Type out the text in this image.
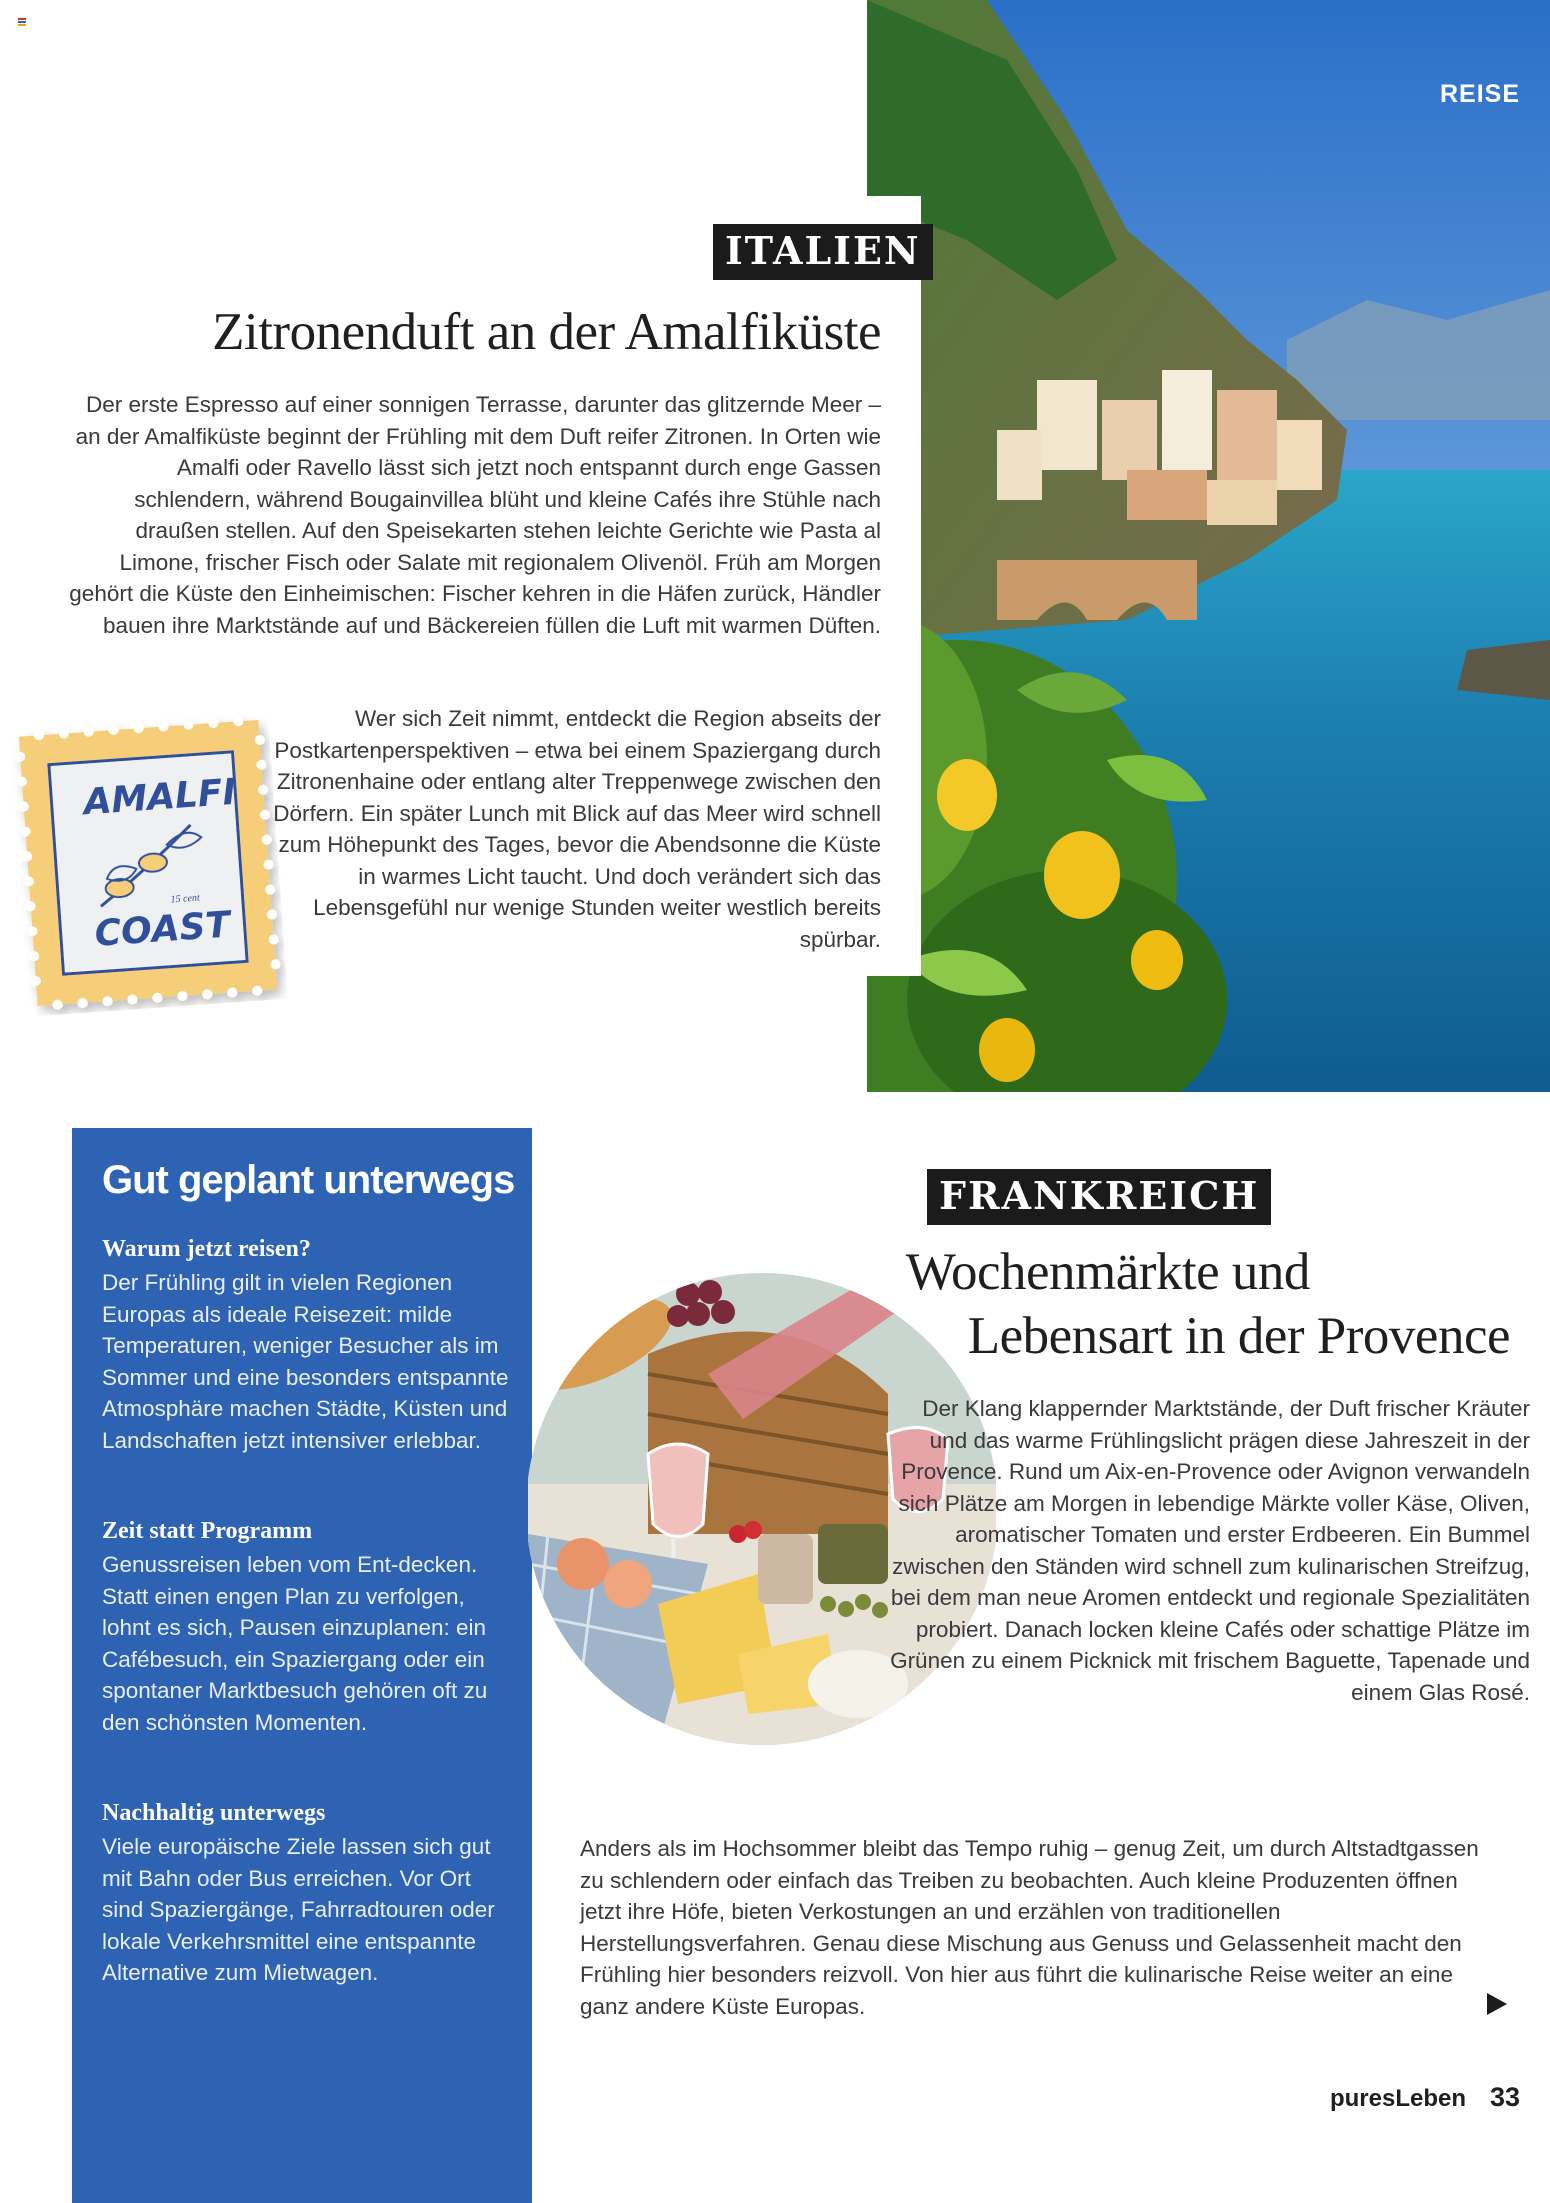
REISE
ITALIEN
Zitronenduft an der Amalfiküste
Der erste Espresso auf einer sonnigen Terrasse, darunter das glitzernde Meer – an der Amalfiküste beginnt der Frühling mit dem Duft reifer Zitronen. In Orten wie Amalfi oder Ravello lässt sich jetzt noch entspannt durch enge Gassen schlendern, während Bougainvillea blüht und kleine Cafés ihre Stühle nach draußen stellen. Auf den Speisekarten stehen leichte Gerichte wie Pasta al Limone, frischer Fisch oder Salate mit regionalem Olivenöl. Früh am Morgen gehört die Küste den Einheimischen: Fischer kehren in die Häfen zurück, Händler bauen ihre Marktstände auf und Bäckereien füllen die Luft mit warmen Düften.
Wer sich Zeit nimmt, entdeckt die Region abseits der Postkartenperspektiven – etwa bei einem Spaziergang durch Zitronenhaine oder entlang alter Treppenwege zwischen den Dörfern. Ein später Lunch mit Blick auf das Meer wird schnell zum Höhepunkt des Tages, bevor die Abendsonne die Küste in warmes Licht taucht. Und doch verändert sich das Lebensgefühl nur wenige Stunden weiter westlich bereits spürbar.
AMALFI
COAST
15 cent
Gut geplant unterwegs
Warum jetzt reisen?
Der Frühling gilt in vielen Regionen Europas als ideale Reisezeit: milde Temperaturen, weniger Besucher als im Sommer und eine besonders entspannte Atmosphäre machen Städte, Küsten und Landschaften jetzt intensiver erlebbar.
Zeit statt Programm
Genussreisen leben vom Ent-decken. Statt einen engen Plan zu verfolgen, lohnt es sich, Pausen einzuplanen: ein Cafébesuch, ein Spaziergang oder ein spontaner Marktbesuch gehören oft zu den schönsten Momenten.
Nachhaltig unterwegs
Viele europäische Ziele lassen sich gut mit Bahn oder Bus erreichen. Vor Ort sind Spaziergänge, Fahrradtouren oder lokale Verkehrsmittel eine entspannte Alternative zum Mietwagen.
FRANKREICH
Wochenmärkte und
Lebensart in der Provence
Der Klang klappernder Marktstände, der Duft frischer Kräuter und das warme Frühlingslicht prägen diese Jahreszeit in der Provence. Rund um Aix-en-Provence oder Avignon verwandeln sich Plätze am Morgen in lebendige Märkte voller Käse, Oliven, aromatischer Tomaten und erster Erdbeeren. Ein Bummel zwischen den Ständen wird schnell zum kulinarischen Streifzug, bei dem man neue Aromen entdeckt und regionale Spezialitäten probiert. Danach locken kleine Cafés oder schattige Plätze im Grünen zu einem Picknick mit frischem Baguette, Tapenade und einem Glas Rosé.
Anders als im Hochsommer bleibt das Tempo ruhig – genug Zeit, um durch Altstadtgassen zu schlendern oder einfach das Treiben zu beobachten. Auch kleine Produzenten öffnen jetzt ihre Höfe, bieten Verkostungen an und erzählen von traditionellen Herstellungsverfahren. Genau diese Mischung aus Genuss und Gelassenheit macht den Frühling hier besonders reizvoll. Von hier aus führt die kulinarische Reise weiter an eine ganz andere Küste Europas.
puresLeben 33
